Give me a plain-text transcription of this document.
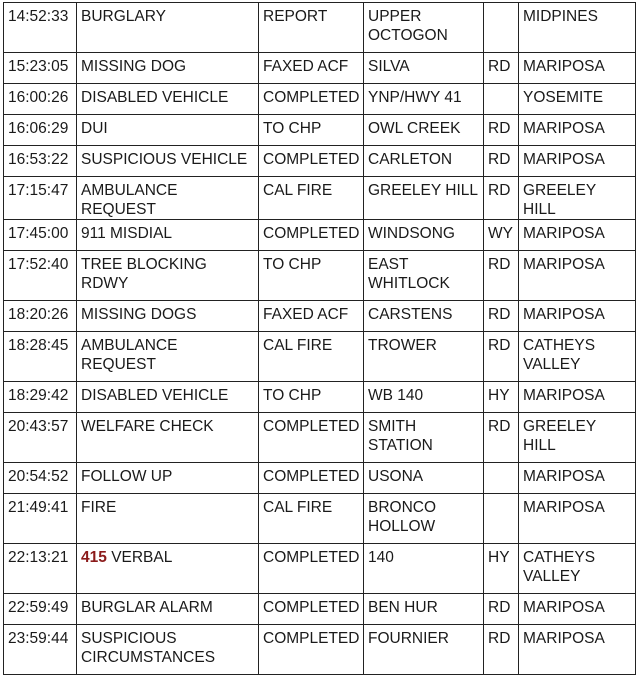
14:52:33	BURGLARY	REPORT	UPPER OCTOGON		MIDPINES
15:23:05	MISSING DOG	FAXED ACF	SILVA	RD	MARIPOSA
16:00:26	DISABLED VEHICLE	COMPLETED	YNP/HWY 41		YOSEMITE
16:06:29	DUI	TO CHP	OWL CREEK	RD	MARIPOSA
16:53:22	SUSPICIOUS VEHICLE	COMPLETED	CARLETON	RD	MARIPOSA
17:15:47	AMBULANCE REQUEST	CAL FIRE	GREELEY HILL	RD	GREELEY HILL
17:45:00	911 MISDIAL	COMPLETED	WINDSONG	WY	MARIPOSA
17:52:40	TREE BLOCKING RDWY	TO CHP	EAST WHITLOCK	RD	MARIPOSA
18:20:26	MISSING DOGS	FAXED ACF	CARSTENS	RD	MARIPOSA
18:28:45	AMBULANCE REQUEST	CAL FIRE	TROWER	RD	CATHEYS VALLEY
18:29:42	DISABLED VEHICLE	TO CHP	WB 140	HY	MARIPOSA
20:43:57	WELFARE CHECK	COMPLETED	SMITH STATION	RD	GREELEY HILL
20:54:52	FOLLOW UP	COMPLETED	USONA		MARIPOSA
21:49:41	FIRE	CAL FIRE	BRONCO HOLLOW		MARIPOSA
22:13:21	415 VERBAL	COMPLETED	140	HY	CATHEYS VALLEY
22:59:49	BURGLAR ALARM	COMPLETED	BEN HUR	RD	MARIPOSA
23:59:44	SUSPICIOUS CIRCUMSTANCES	COMPLETED	FOURNIER	RD	MARIPOSA
